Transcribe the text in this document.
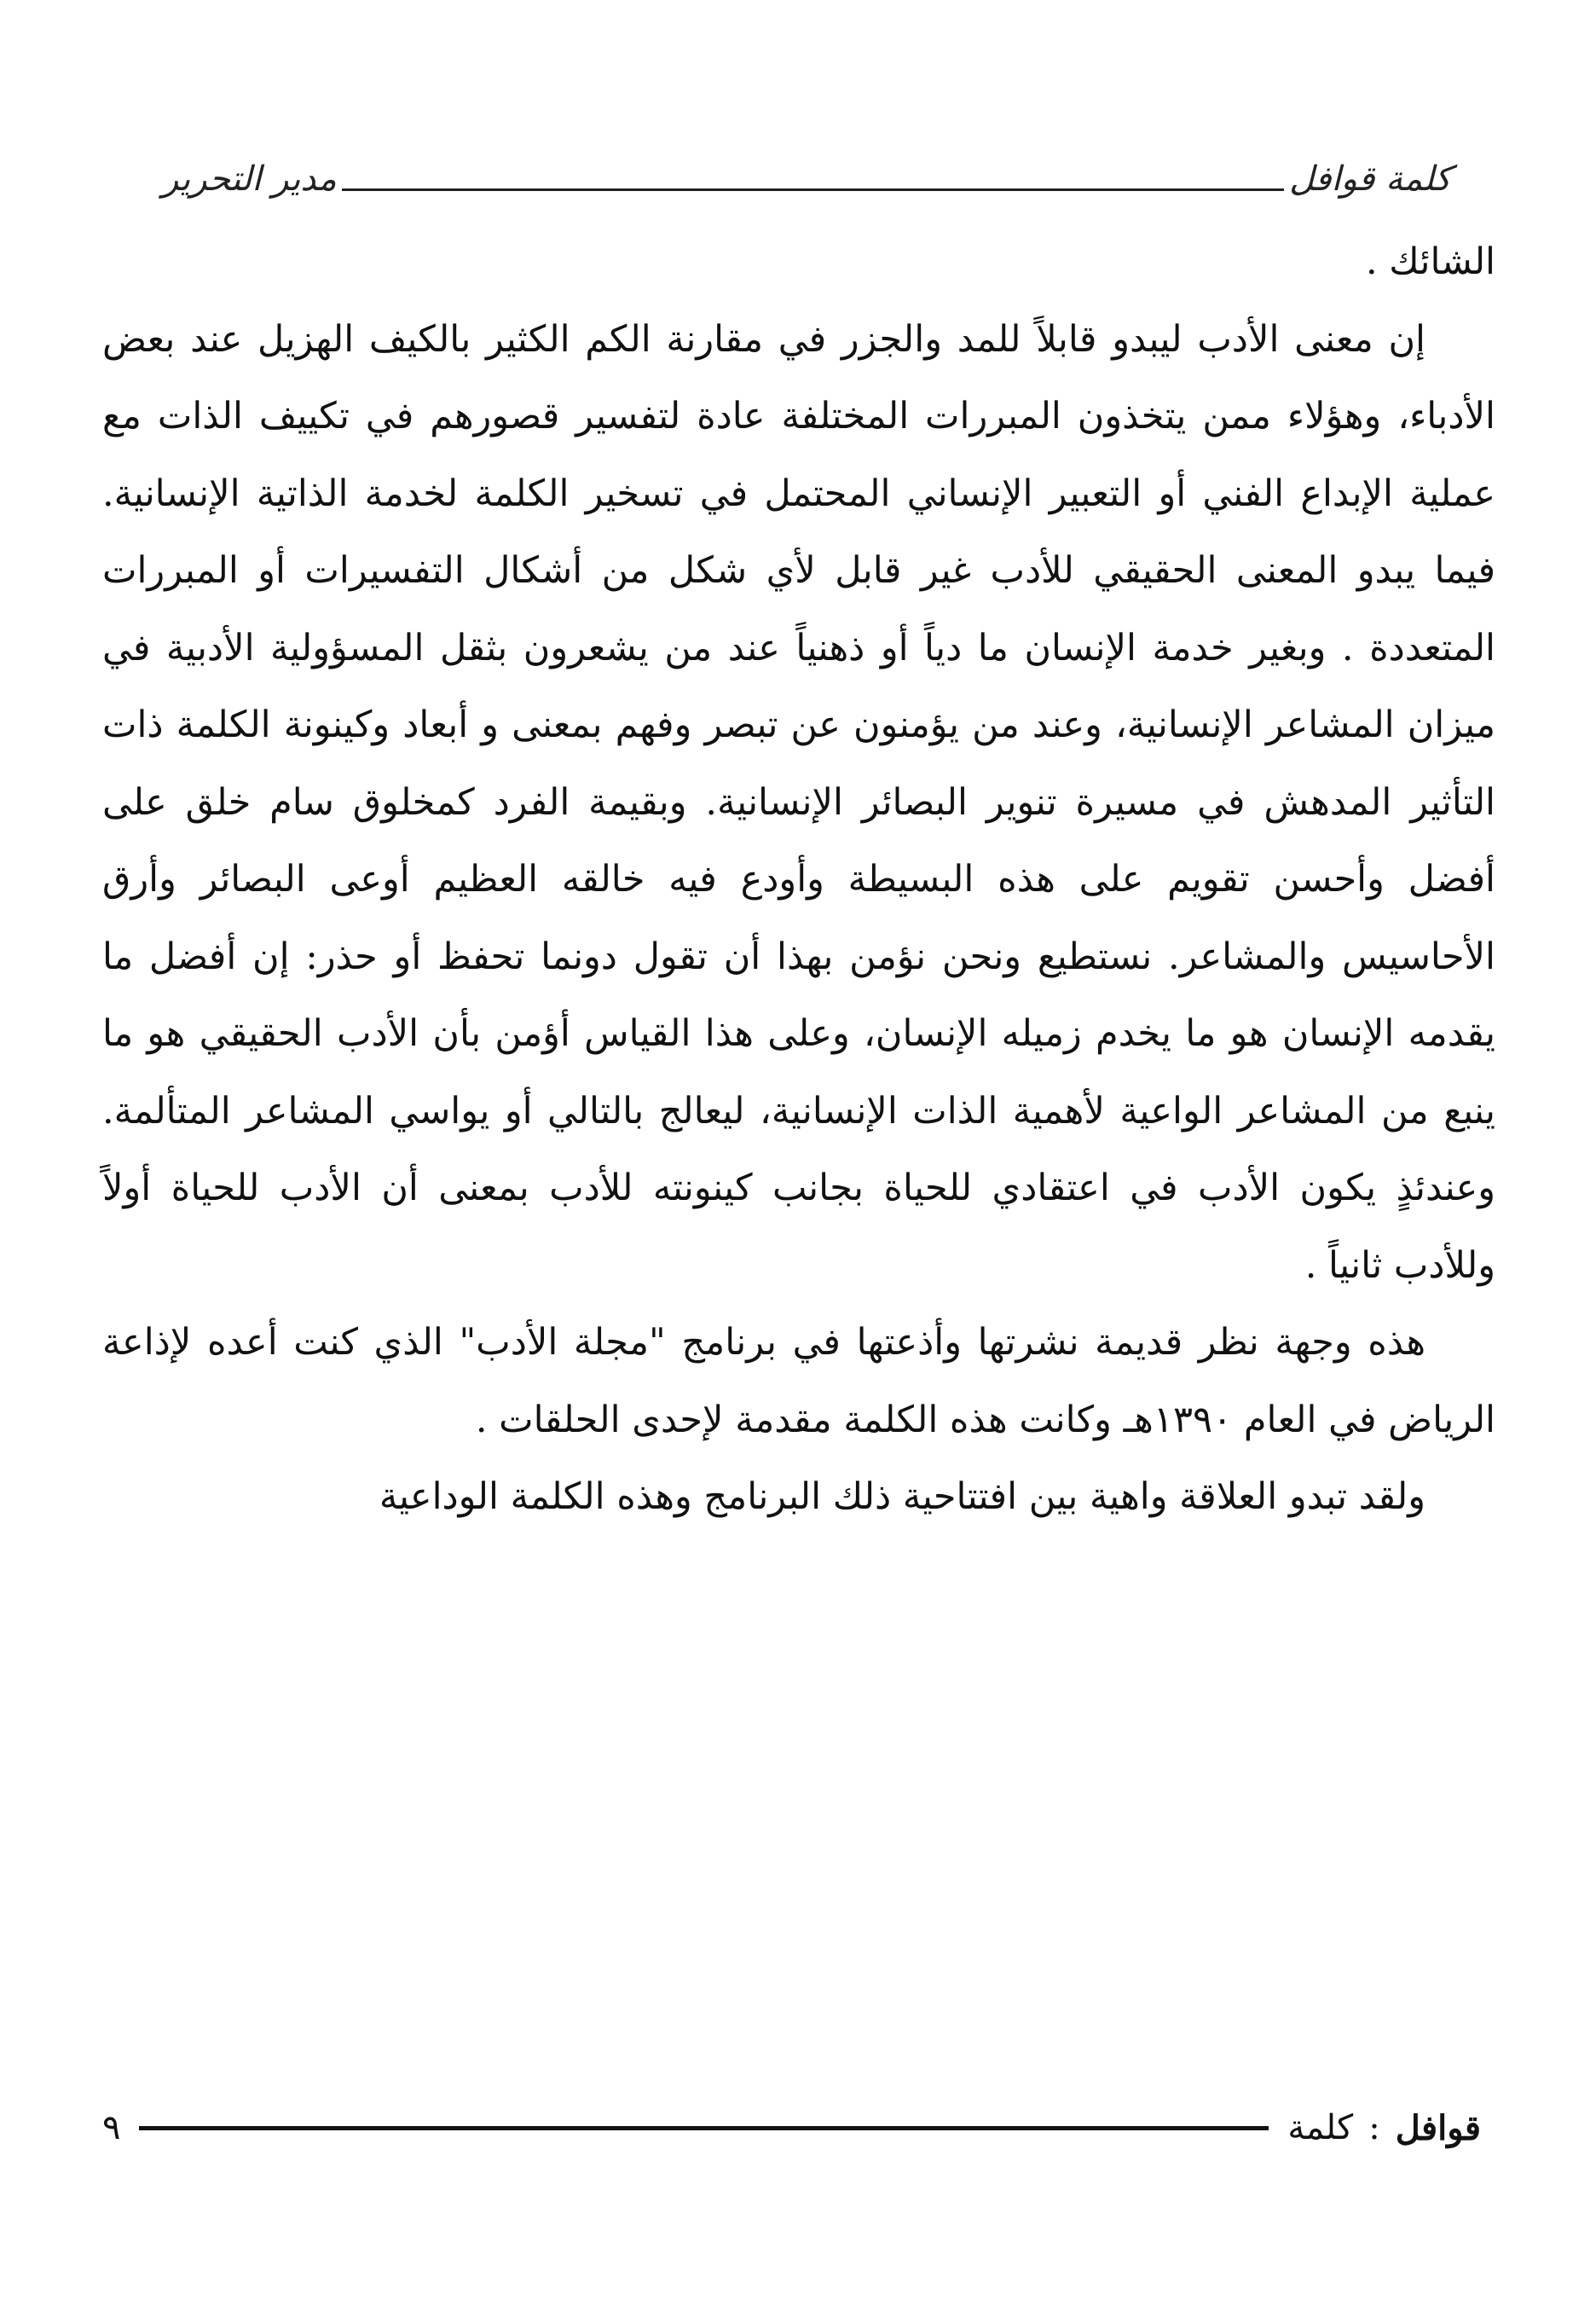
كلمة قوافل
مدير التحرير

الشائك .

إن معنى الأدب ليبدو قابلاً للمد والجزر في مقارنة الكم الكثير بالكيف الهزيل عند بعض الأدباء، وهؤلاء ممن يتخذون المبررات المختلفة عادة لتفسير قصورهم في تكييف الذات مع عملية الإبداع الفني أو التعبير الإنساني المحتمل في تسخير الكلمة لخدمة الذاتية الإنسانية. فيما يبدو المعنى الحقيقي للأدب غير قابل لأي شكل من أشكال التفسيرات أو المبررات المتعددة . وبغير خدمة الإنسان ما دياً أو ذهنياً عند من يشعرون بثقل المسؤولية الأدبية في ميزان المشاعر الإنسانية، وعند من يؤمنون عن تبصر وفهم بمعنى و أبعاد وكينونة الكلمة ذات التأثير المدهش في مسيرة تنوير البصائر الإنسانية. وبقيمة الفرد كمخلوق سام خلق على أفضل وأحسن تقويم على هذه البسيطة وأودع فيه خالقه العظيم أوعى البصائر وأرق الأحاسيس والمشاعر. نستطيع ونحن نؤمن بهذا أن تقول دونما تحفظ أو حذر: إن أفضل ما يقدمه الإنسان هو ما يخدم زميله الإنسان، وعلى هذا القياس أؤمن بأن الأدب الحقيقي هو ما ينبع من المشاعر الواعية لأهمية الذات الإنسانية، ليعالج بالتالي أو يواسي المشاعر المتألمة. وعندئذٍ يكون الأدب في اعتقادي للحياة بجانب كينونته للأدب بمعنى أن الأدب للحياة أولاً وللأدب ثانياً .

هذه وجهة نظر قديمة نشرتها وأذعتها في برنامج "مجلة الأدب" الذي كنت أعده لإذاعة الرياض في العام ١٣٩٠هـ وكانت هذه الكلمة مقدمة لإحدى الحلقات .

ولقد تبدو العلاقة واهية بين افتتاحية ذلك البرنامج وهذه الكلمة الوداعية

قوافل
:
كلمة
٩
